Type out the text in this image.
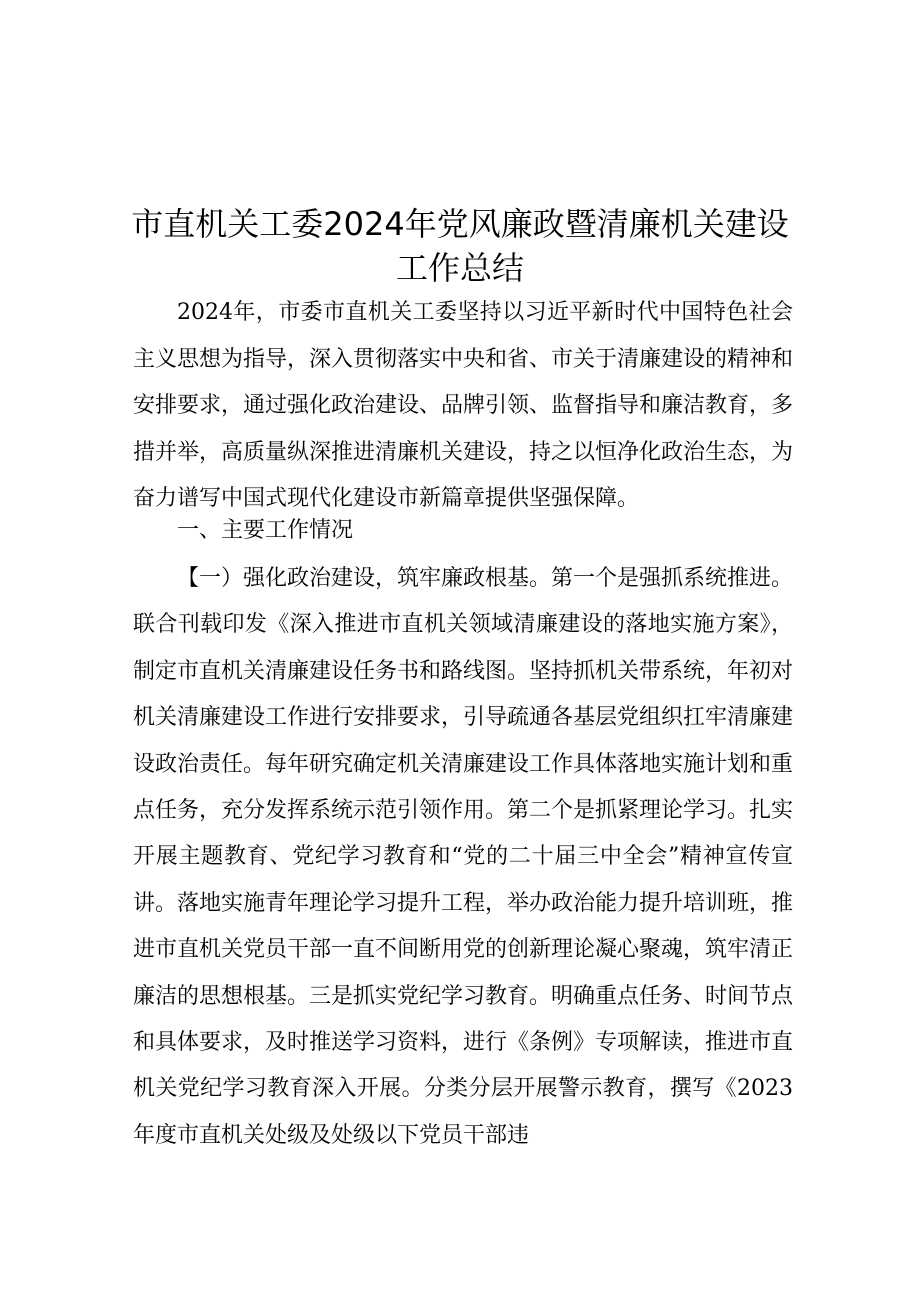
市直机关工委2024年党风廉政暨清廉机关建设
工作总结

2024年，市委市直机关工委坚持以习近平新时代中国特色社会主义思想为指导，深入贯彻落实中央和省、市关于清廉建设的精神和安排要求，通过强化政治建设、品牌引领、监督指导和廉洁教育，多措并举，高质量纵深推进清廉机关建设，持之以恒净化政治生态，为奋力谱写中国式现代化建设市新篇章提供坚强保障。

一、主要工作情况

【一）强化政治建设，筑牢廉政根基。第一个是强抓系统推进。联合刊载印发《深入推进市直机关领域清廉建设的落地实施方案》，制定市直机关清廉建设任务书和路线图。坚持抓机关带系统，年初对机关清廉建设工作进行安排要求，引导疏通各基层党组织扛牢清廉建设政治责任。每年研究确定机关清廉建设工作具体落地实施计划和重点任务，充分发挥系统示范引领作用。第二个是抓紧理论学习。扎实开展主题教育、党纪学习教育和“党的二十届三中全会”精神宣传宣讲。落地实施青年理论学习提升工程，举办政治能力提升培训班，推进市直机关党员干部一直不间断用党的创新理论凝心聚魂，筑牢清正廉洁的思想根基。三是抓实党纪学习教育。明确重点任务、时间节点和具体要求，及时推送学习资料，进行《条例》专项解读，推进市直机关党纪学习教育深入开展。分类分层开展警示教育，撰写《2023年度市直机关处级及处级以下党员干部违
